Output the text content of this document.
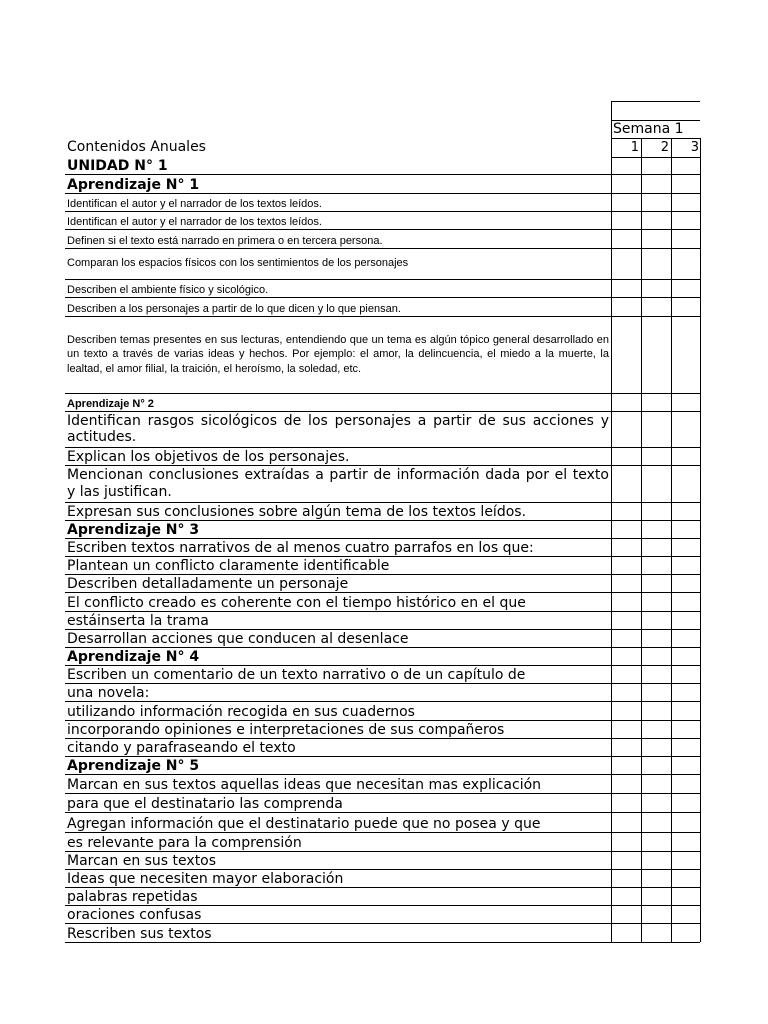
Semana 1
Contenidos Anuales	1	2	3
UNIDAD N° 1
Aprendizaje N° 1
Identifican el autor y el narrador de los textos leídos.
Identifican el autor y el narrador de los textos leídos.
Definen si el texto está narrado en primera o en tercera persona.
Comparan los espacios físicos con los sentimientos de los personajes
Describen el ambiente físico y sicológico.
Describen a los personajes a partir de lo que dicen y lo que piensan.
Describen temas presentes en sus lecturas, entendiendo que un tema es algún tópico general desarrollado en un texto a través de varias ideas y hechos. Por ejemplo: el amor, la delincuencia, el miedo a la muerte, la lealtad, el amor filial, la traición, el heroísmo, la soledad, etc.
Aprendizaje N° 2
Identifican rasgos sicológicos de los personajes a partir de sus acciones y actitudes.
Explican los objetivos de los personajes.
Mencionan conclusiones extraídas a partir de información dada por el texto y las justifican.
Expresan sus conclusiones sobre algún tema de los textos leídos.
Aprendizaje N° 3
Escriben textos narrativos de al menos cuatro parrafos en los que:
Plantean un conflicto claramente identificable
Describen detalladamente un personaje
El conflicto creado es coherente con el tiempo histórico en el que
estáinserta la trama
Desarrollan acciones que conducen al desenlace
Aprendizaje N° 4
Escriben un comentario de un texto narrativo o de un capítulo de
una novela:
utilizando información recogida en sus cuadernos
incorporando opiniones e interpretaciones de sus compañeros
citando y parafraseando el texto
Aprendizaje N° 5
Marcan en sus textos aquellas ideas que necesitan mas explicación
para que el destinatario las comprenda
Agregan información que el destinatario puede que no posea y que
es relevante para la comprensión
Marcan en sus textos
Ideas que necesiten mayor elaboración
palabras repetidas
oraciones confusas
Rescriben sus textos
